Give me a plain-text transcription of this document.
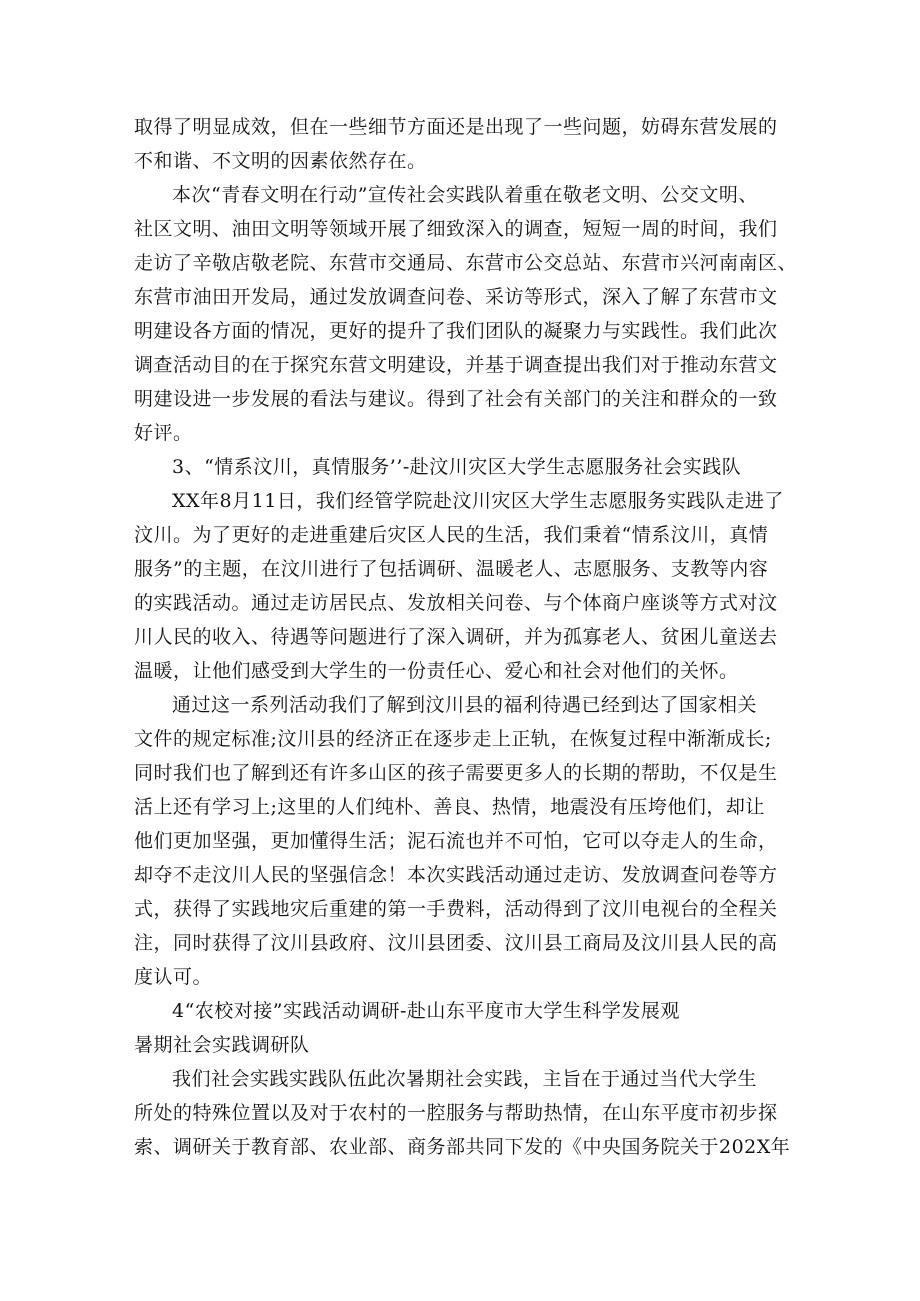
取得了明显成效，但在一些细节方面还是出现了一些问题，妨碍东营发展的
不和谐、不文明的因素依然存在。
本次“青春文明在行动”宣传社会实践队着重在敬老文明、公交文明、
社区文明、油田文明等领域开展了细致深入的调查，短短一周的时间，我们
走访了辛敬店敬老院、东营市交通局、东营市公交总站、东营市兴河南南区、
东营市油田开发局，通过发放调查问卷、采访等形式，深入了解了东营市文
明建设各方面的情况，更好的提升了我们团队的凝聚力与实践性。我们此次
调查活动目的在于探究东营文明建设，并基于调查提出我们对于推动东营文
明建设进一步发展的看法与建议。得到了社会有关部门的关注和群众的一致
好评。
3、“情系汶川，真情服务’’-赴汶川灾区大学生志愿服务社会实践队
XX年8月11日，我们经管学院赴汶川灾区大学生志愿服务实践队走进了
汶川。为了更好的走进重建后灾区人民的生活，我们秉着“情系汶川，真情
服务”的主题，在汶川进行了包括调研、温暖老人、志愿服务、支教等内容
的实践活动。通过走访居民点、发放相关问卷、与个体商户座谈等方式对汶
川人民的收入、待遇等问题进行了深入调研，并为孤寡老人、贫困儿童送去
温暖，让他们感受到大学生的一份责任心、爱心和社会对他们的关怀。
通过这一系列活动我们了解到汶川县的福利待遇已经到达了国家相关
文件的规定标准;汶川县的经济正在逐步走上正轨，在恢复过程中渐渐成长;
同时我们也了解到还有许多山区的孩子需要更多人的长期的帮助，不仅是生
活上还有学习上;这里的人们纯朴、善良、热情，地震没有压垮他们，却让
他们更加坚强，更加懂得生活；泥石流也并不可怕，它可以夺走人的生命，
却夺不走汶川人民的坚强信念！本次实践活动通过走访、发放调查问卷等方
式，获得了实践地灾后重建的第一手费料，活动得到了汶川电视台的全程关
注，同时获得了汶川县政府、汶川县团委、汶川县工商局及汶川县人民的高
度认可。
4“农校对接”实践活动调研-赴山东平度市大学生科学发展观
暑期社会实践调研队
我们社会实践实践队伍此次暑期社会实践，主旨在于通过当代大学生
所处的特殊位置以及对于农村的一腔服务与帮助热情，在山东平度市初步探
索、调研关于教育部、农业部、商务部共同下发的《中央国务院关于202X年
